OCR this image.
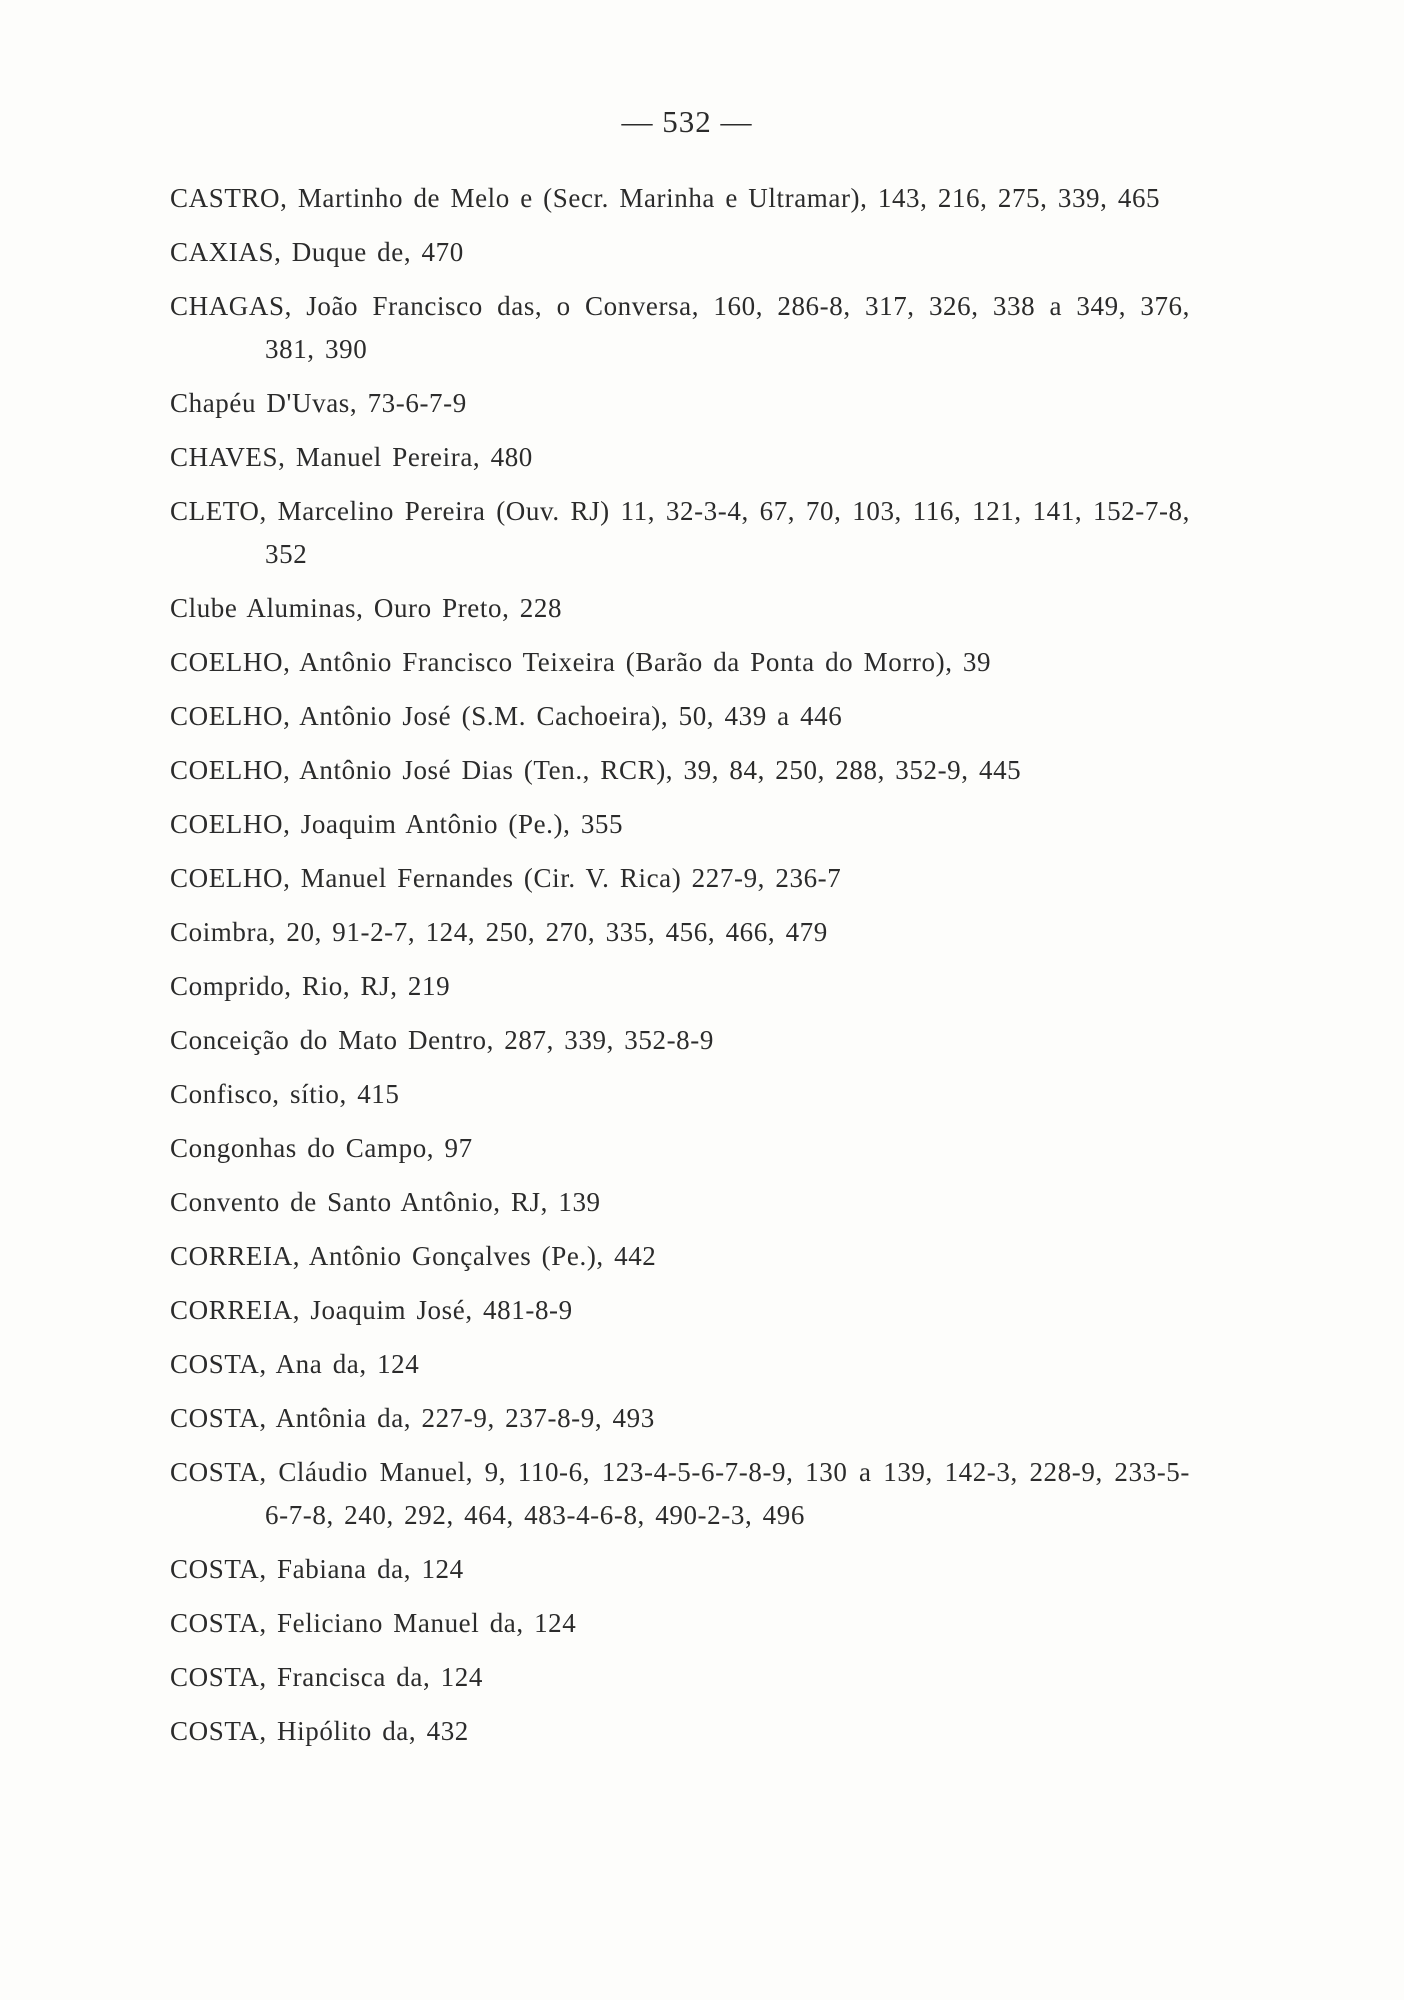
— 532 —

CASTRO, Martinho de Melo e (Secr. Marinha e Ultramar), 143, 216, 275, 339, 465

CAXIAS, Duque de, 470

CHAGAS, João Francisco das, o Conversa, 160, 286-8, 317, 326, 338 a 349, 376, 381, 390

Chapéu D'Uvas, 73-6-7-9

CHAVES, Manuel Pereira, 480

CLETO, Marcelino Pereira (Ouv. RJ) 11, 32-3-4, 67, 70, 103, 116, 121, 141, 152-7-8, 352

Clube Aluminas, Ouro Preto, 228

COELHO, Antônio Francisco Teixeira (Barão da Ponta do Morro), 39

COELHO, Antônio José (S.M. Cachoeira), 50, 439 a 446

COELHO, Antônio José Dias (Ten., RCR), 39, 84, 250, 288, 352-9, 445

COELHO, Joaquim Antônio (Pe.), 355

COELHO, Manuel Fernandes (Cir. V. Rica) 227-9, 236-7

Coimbra, 20, 91-2-7, 124, 250, 270, 335, 456, 466, 479

Comprido, Rio, RJ, 219

Conceição do Mato Dentro, 287, 339, 352-8-9

Confisco, sítio, 415

Congonhas do Campo, 97

Convento de Santo Antônio, RJ, 139

CORREIA, Antônio Gonçalves (Pe.), 442

CORREIA, Joaquim José, 481-8-9

COSTA, Ana da, 124

COSTA, Antônia da, 227-9, 237-8-9, 493

COSTA, Cláudio Manuel, 9, 110-6, 123-4-5-6-7-8-9, 130 a 139, 142-3, 228-9, 233-5-6-7-8, 240, 292, 464, 483-4-6-8, 490-2-3, 496

COSTA, Fabiana da, 124

COSTA, Feliciano Manuel da, 124

COSTA, Francisca da, 124

COSTA, Hipólito da, 432
